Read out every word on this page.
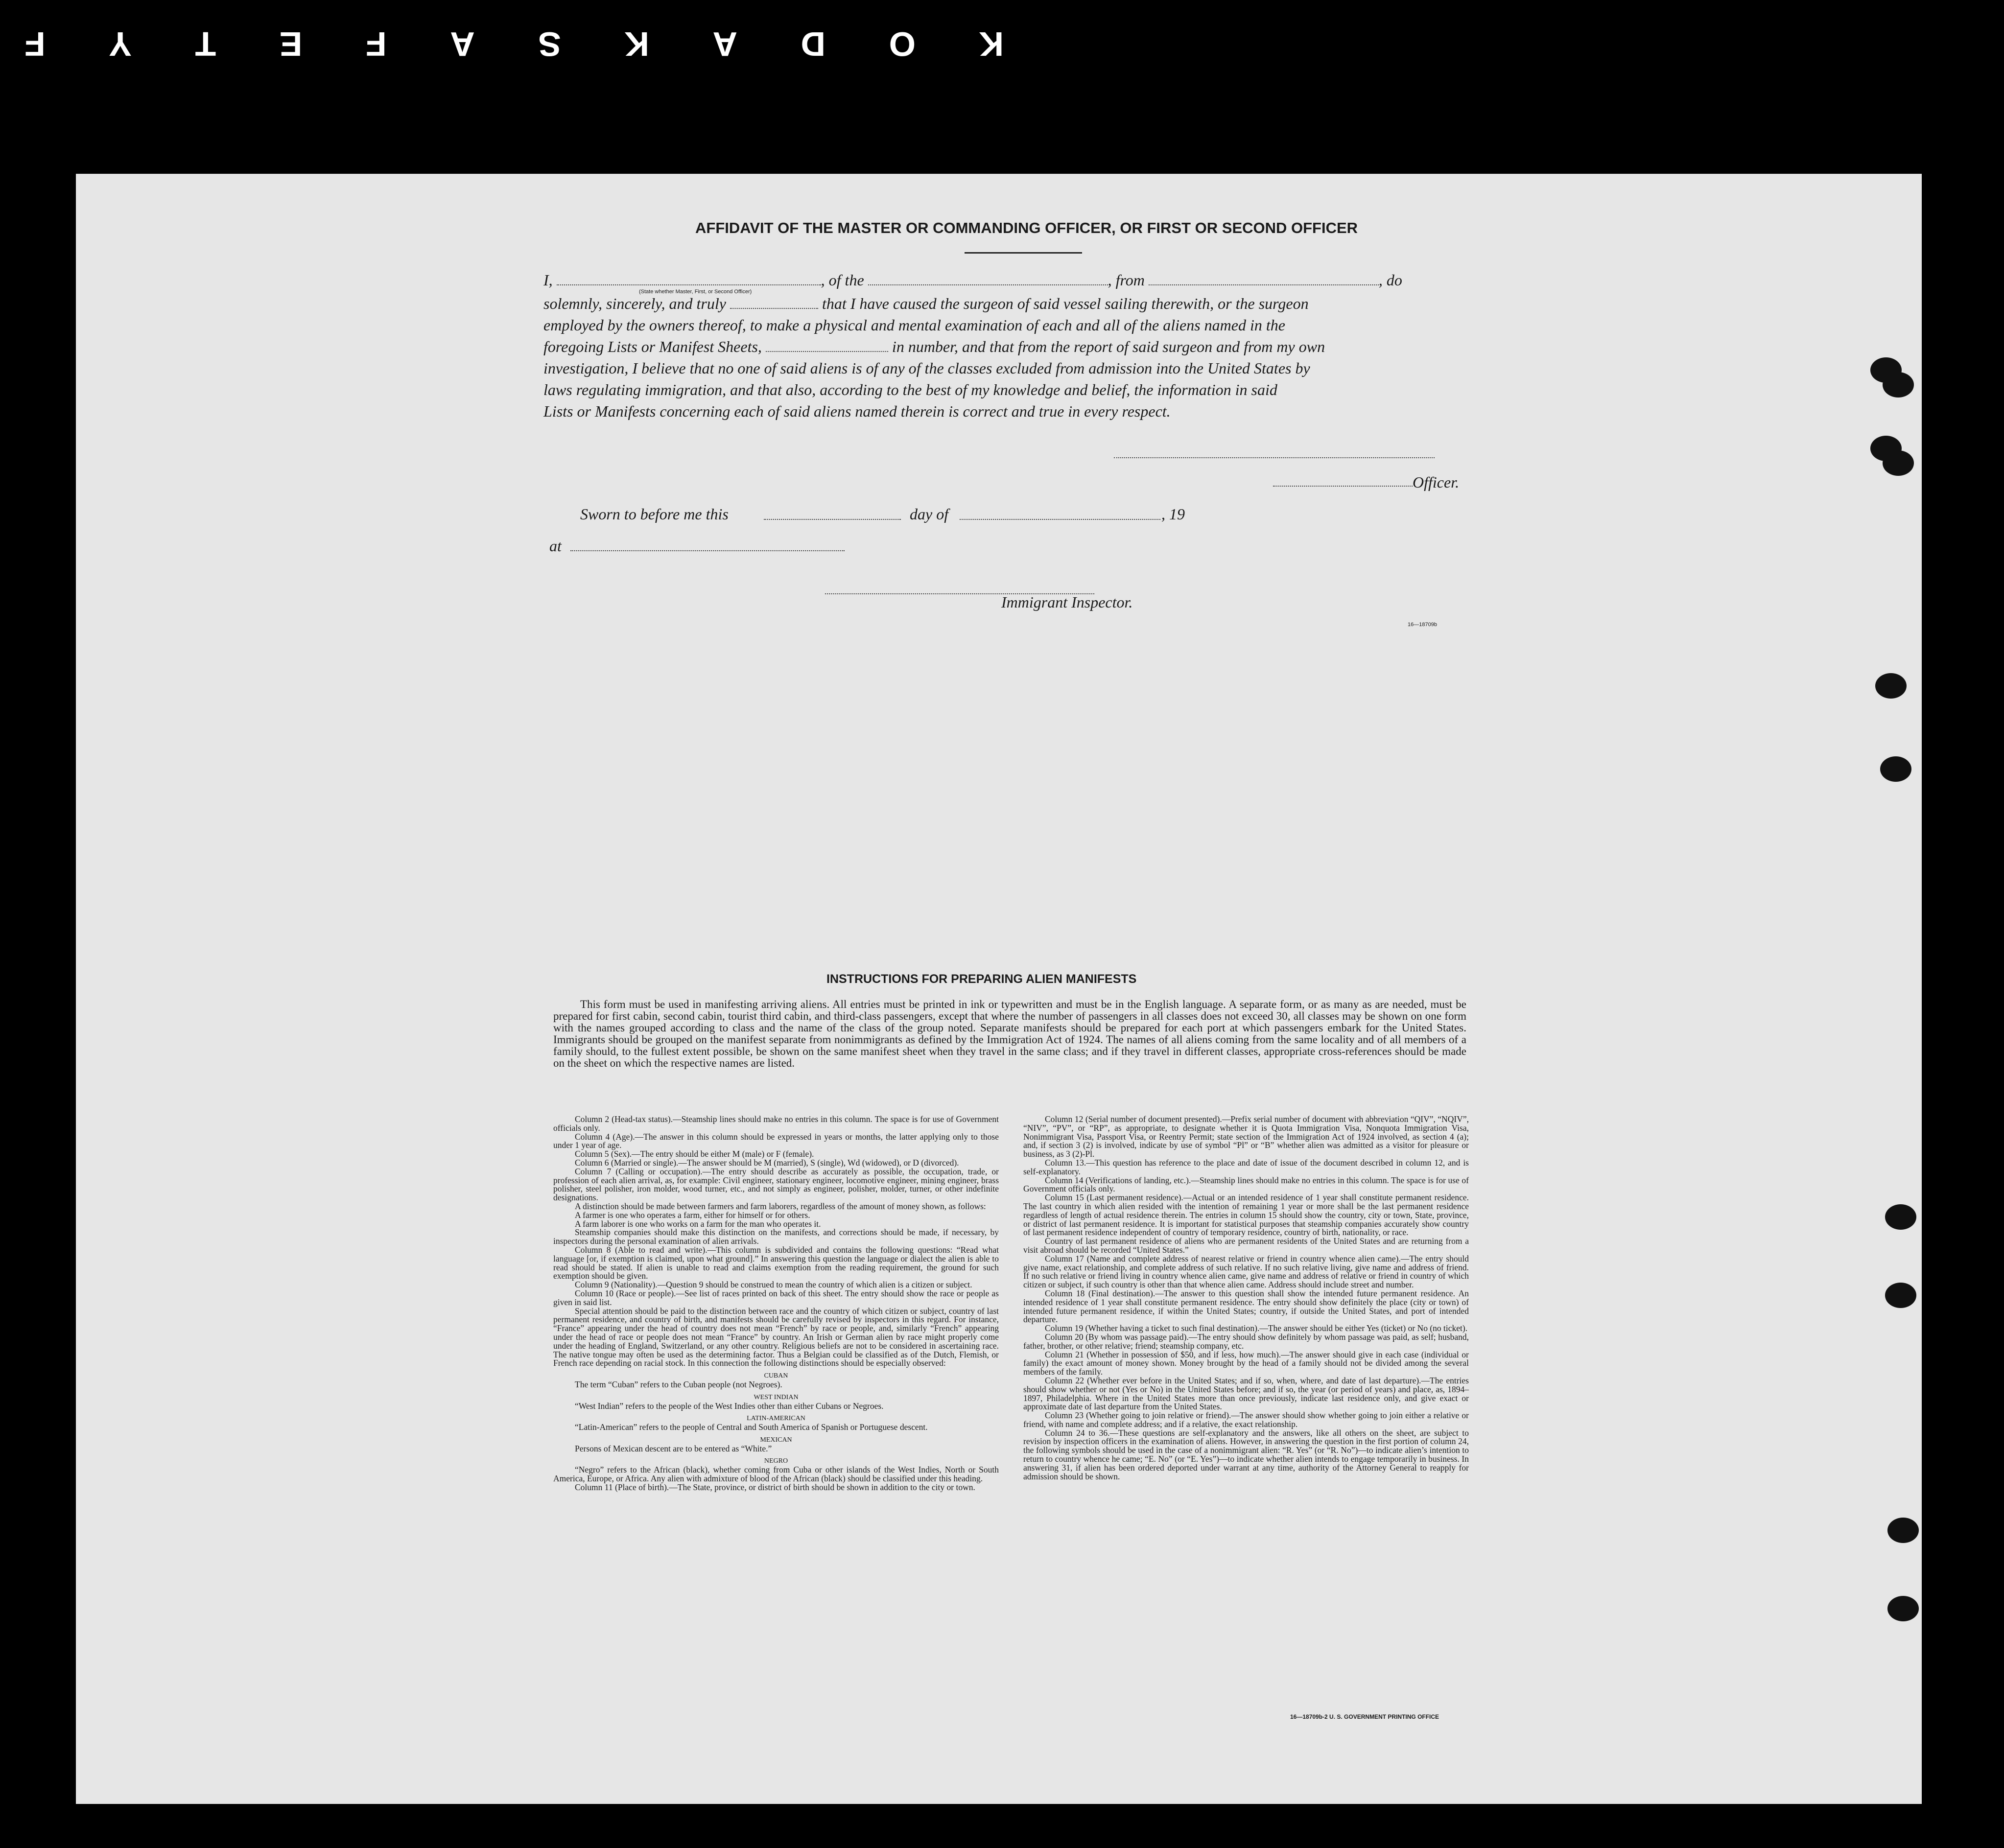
K
O
D
A
K
S
A
F
E
T
Y
F
AFFIDAVIT OF THE MASTER OR COMMANDING OFFICER, OR FIRST OR SECOND OFFICER
I,	, of the	, from	, do
(State whether Master, First, or Second Officer)
solemnly, sincerely, and truly	that I have caused the surgeon of said vessel sailing therewith, or the surgeon
employed by the owners thereof, to make a physical and mental examination of each and all of the aliens named in the
foregoing Lists or Manifest Sheets,	in number, and that from the report of said surgeon and from my own
investigation, I believe that no one of said aliens is of any of the classes excluded from admission into the United States by
laws regulating immigration, and that also, according to the best of my knowledge and belief, the information in said
Lists or Manifests concerning each of said aliens named therein is correct and true in every respect.
Officer.
Sworn to before me this	day of	, 19
at
Immigrant Inspector.
16—18709b
INSTRUCTIONS FOR PREPARING ALIEN MANIFESTS
This form must be used in manifesting arriving aliens. All entries must be printed in ink or typewritten and must be in the English language. A separate form, or as many as are needed, must be prepared for first cabin, second cabin, tourist third cabin, and third-class passengers, except that where the number of passengers in all classes does not exceed 30, all classes may be shown on one form with the names grouped according to class and the name of the class of the group noted. Separate manifests should be prepared for each port at which passengers embark for the United States. Immigrants should be grouped on the manifest separate from nonimmigrants as defined by the Immigration Act of 1924. The names of all aliens coming from the same locality and of all members of a family should, to the fullest extent possible, be shown on the same manifest sheet when they travel in the same class; and if they travel in different classes, appropriate cross-references should be made on the sheet on which the respective names are listed.

Column 2 (Head-tax status).—Steamship lines should make no entries in this column. The space is for use of Government officials only.

Column 4 (Age).—The answer in this column should be expressed in years or months, the latter applying only to those under 1 year of age.

Column 5 (Sex).—The entry should be either M (male) or F (female).

Column 6 (Married or single).—The answer should be M (married), S (single), Wd (widowed), or D (divorced).

Column 7 (Calling or occupation).—The entry should describe as accurately as possible, the occupation, trade, or profession of each alien arrival, as, for example: Civil engineer, stationary engineer, locomotive engineer, mining engineer, brass polisher, steel polisher, iron molder, wood turner, etc., and not simply as engineer, polisher, molder, turner, or other indefinite designations.

A distinction should be made between farmers and farm laborers, regardless of the amount of money shown, as follows:

A farmer is one who operates a farm, either for himself or for others.

A farm laborer is one who works on a farm for the man who operates it.

Steamship companies should make this distinction on the manifests, and corrections should be made, if necessary, by inspectors during the personal examination of alien arrivals.

Column 8 (Able to read and write).—This column is subdivided and contains the following questions: “Read what language [or, if exemption is claimed, upon what ground].” In answering this question the language or dialect the alien is able to read should be stated. If alien is unable to read and claims exemption from the reading requirement, the ground for such exemption should be given.

Column 9 (Nationality).—Question 9 should be construed to mean the country of which alien is a citizen or subject.

Column 10 (Race or people).—See list of races printed on back of this sheet. The entry should show the race or people as given in said list.

Special attention should be paid to the distinction between race and the country of which citizen or subject, country of last permanent residence, and country of birth, and manifests should be carefully revised by inspectors in this regard. For instance, “France” appearing under the head of country does not mean “French” by race or people, and, similarly “French” appearing under the head of race or people does not mean “France” by country. An Irish or German alien by race might properly come under the heading of England, Switzerland, or any other country. Religious beliefs are not to be considered in ascertaining race. The native tongue may often be used as the determining factor. Thus a Belgian could be classified as of the Dutch, Flemish, or French race depending on racial stock. In this connection the following distinctions should be especially observed:

CUBAN

The term “Cuban” refers to the Cuban people (not Negroes).

WEST INDIAN

“West Indian” refers to the people of the West Indies other than either Cubans or Negroes.

LATIN-AMERICAN

“Latin-American” refers to the people of Central and South America of Spanish or Portuguese descent.

MEXICAN

Persons of Mexican descent are to be entered as “White.”

NEGRO

“Negro” refers to the African (black), whether coming from Cuba or other islands of the West Indies, North or South America, Europe, or Africa. Any alien with admixture of blood of the African (black) should be classified under this heading.

Column 11 (Place of birth).—The State, province, or district of birth should be shown in addition to the city or town.

Column 12 (Serial number of document presented).—Prefix serial number of document with abbreviation “QIV”, “NQIV”, “NIV”, “PV”, or “RP”, as appropriate, to designate whether it is Quota Immigration Visa, Nonquota Immigration Visa, Nonimmigrant Visa, Passport Visa, or Reentry Permit; state section of the Immigration Act of 1924 involved, as section 4 (a); and, if section 3 (2) is involved, indicate by use of symbol “Pl” or “B” whether alien was admitted as a visitor for pleasure or business, as 3 (2)-Pl.

Column 13.—This question has reference to the place and date of issue of the document described in column 12, and is self-explanatory.

Column 14 (Verifications of landing, etc.).—Steamship lines should make no entries in this column. The space is for use of Government officials only.

Column 15 (Last permanent residence).—Actual or an intended residence of 1 year shall constitute permanent residence. The last country in which alien resided with the intention of remaining 1 year or more shall be the last permanent residence regardless of length of actual residence therein. The entries in column 15 should show the country, city or town, State, province, or district of last permanent residence. It is important for statistical purposes that steamship companies accurately show country of last permanent residence independent of country of temporary residence, country of birth, nationality, or race.

Country of last permanent residence of aliens who are permanent residents of the United States and are returning from a visit abroad should be recorded “United States.”

Column 17 (Name and complete address of nearest relative or friend in country whence alien came).—The entry should give name, exact relationship, and complete address of such relative. If no such relative living, give name and address of friend. If no such relative or friend living in country whence alien came, give name and address of relative or friend in country of which citizen or subject, if such country is other than that whence alien came. Address should include street and number.

Column 18 (Final destination).—The answer to this question shall show the intended future permanent residence. An intended residence of 1 year shall constitute permanent residence. The entry should show definitely the place (city or town) of intended future permanent residence, if within the United States; country, if outside the United States, and port of intended departure.

Column 19 (Whether having a ticket to such final destination).—The answer should be either Yes (ticket) or No (no ticket).

Column 20 (By whom was passage paid).—The entry should show definitely by whom passage was paid, as self; husband, father, brother, or other relative; friend; steamship company, etc.

Column 21 (Whether in possession of $50, and if less, how much).—The answer should give in each case (individual or family) the exact amount of money shown. Money brought by the head of a family should not be divided among the several members of the family.

Column 22 (Whether ever before in the United States; and if so, when, where, and date of last departure).—The entries should show whether or not (Yes or No) in the United States before; and if so, the year (or period of years) and place, as, 1894–1897, Philadelphia. Where in the United States more than once previously, indicate last residence only, and give exact or approximate date of last departure from the United States.

Column 23 (Whether going to join relative or friend).—The answer should show whether going to join either a relative or friend, with name and complete address; and if a relative, the exact relationship.

Column 24 to 36.—These questions are self-explanatory and the answers, like all others on the sheet, are subject to revision by inspection officers in the examination of aliens. However, in answering the question in the first portion of column 24, the following symbols should be used in the case of a nonimmigrant alien: “R. Yes” (or “R. No”)—to indicate alien’s intention to return to country whence he came; “E. No” (or “E. Yes”)—to indicate whether alien intends to engage temporarily in business. In answering 31, if alien has been ordered deported under warrant at any time, authority of the Attorney General to reapply for admission should be shown.

16—18709b-2 U. S. GOVERNMENT PRINTING OFFICE
